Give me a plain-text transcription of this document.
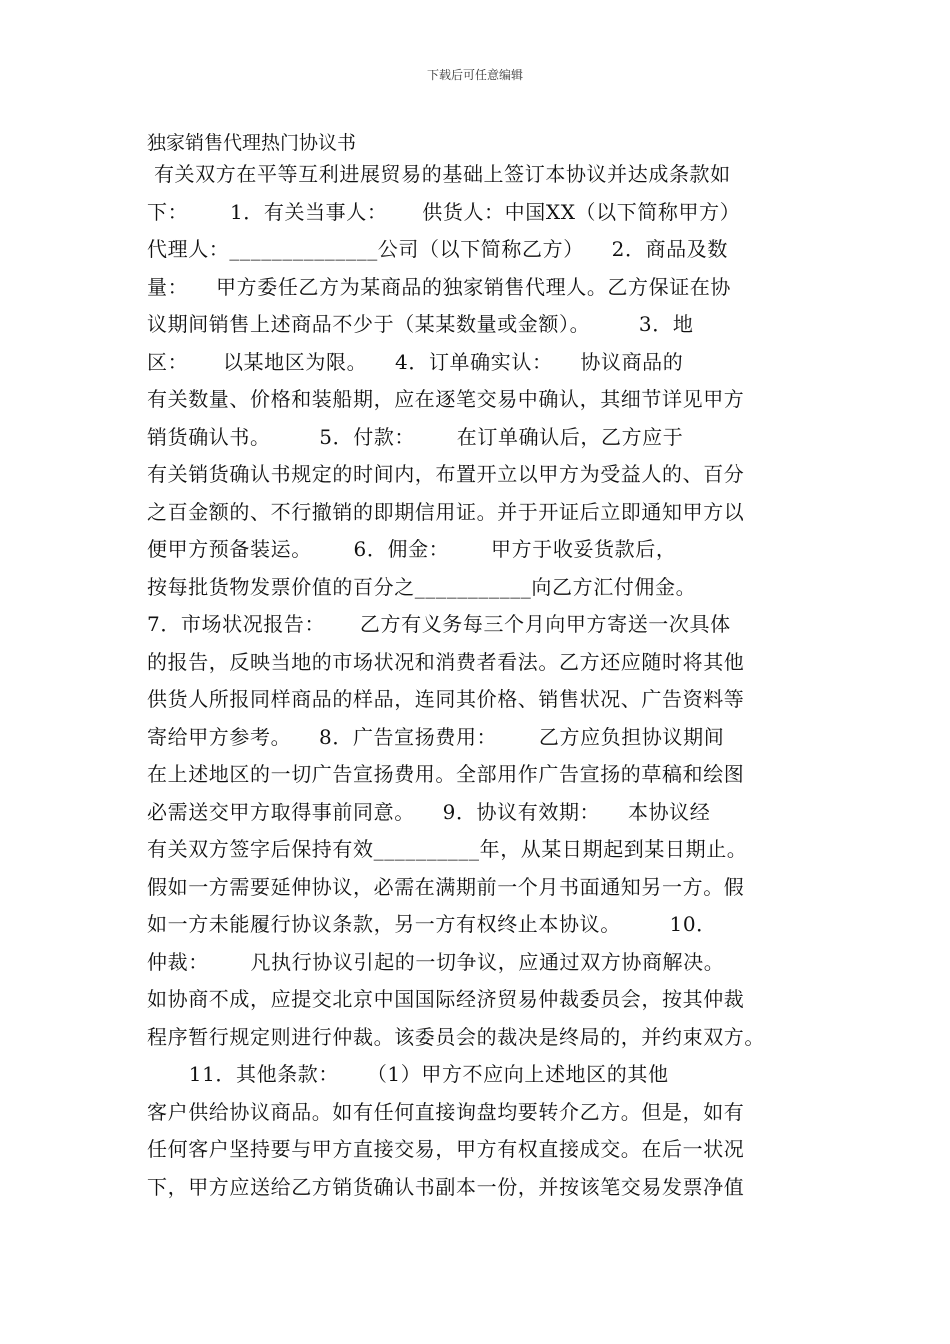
下载后可任意编辑

独家销售代理热门协议书
有关双方在平等互利进展贸易的基础上签订本协议并达成条款如
下：      1．有关当事人：     供货人：中国XX（以下简称甲方）
代理人：______________公司（以下简称乙方）    2．商品及数
量：    甲方委任乙方为某商品的独家销售代理人。乙方保证在协
议期间销售上述商品不少于（某某数量或金额）。       3．地
区：     以某地区为限。    4．订单确实认：    协议商品的
有关数量、价格和装船期，应在逐笔交易中确认，其细节详见甲方
销货确认书。       5．付款：      在订单确认后，乙方应于
有关销货确认书规定的时间内，布置开立以甲方为受益人的、百分
之百金额的、不行撤销的即期信用证。并于开证后立即通知甲方以
便甲方预备装运。      6．佣金：      甲方于收妥货款后，
按每批货物发票价值的百分之___________向乙方汇付佣金。
7．市场状况报告：     乙方有义务每三个月向甲方寄送一次具体
的报告，反映当地的市场状况和消费者看法。乙方还应随时将其他
供货人所报同样商品的样品，连同其价格、销售状况、广告资料等
寄给甲方参考。    8．广告宣扬费用：      乙方应负担协议期间
在上述地区的一切广告宣扬费用。全部用作广告宣扬的草稿和绘图
必需送交甲方取得事前同意。    9．协议有效期：    本协议经
有关双方签字后保持有效__________年，从某日期起到某日期止。
假如一方需要延伸协议，必需在满期前一个月书面通知另一方。假
如一方未能履行协议条款，另一方有权终止本协议。       10．
仲裁：      凡执行协议引起的一切争议，应通过双方协商解决。
如协商不成，应提交北京中国国际经济贸易仲裁委员会，按其仲裁
程序暂行规定则进行仲裁。该委员会的裁决是终局的，并约束双方。
11．其他条款：    （1）甲方不应向上述地区的其他
客户供给协议商品。如有任何直接询盘均要转介乙方。但是，如有
任何客户坚持要与甲方直接交易，甲方有权直接成交。在后一状况
下，甲方应送给乙方销货确认书副本一份，并按该笔交易发票净值
